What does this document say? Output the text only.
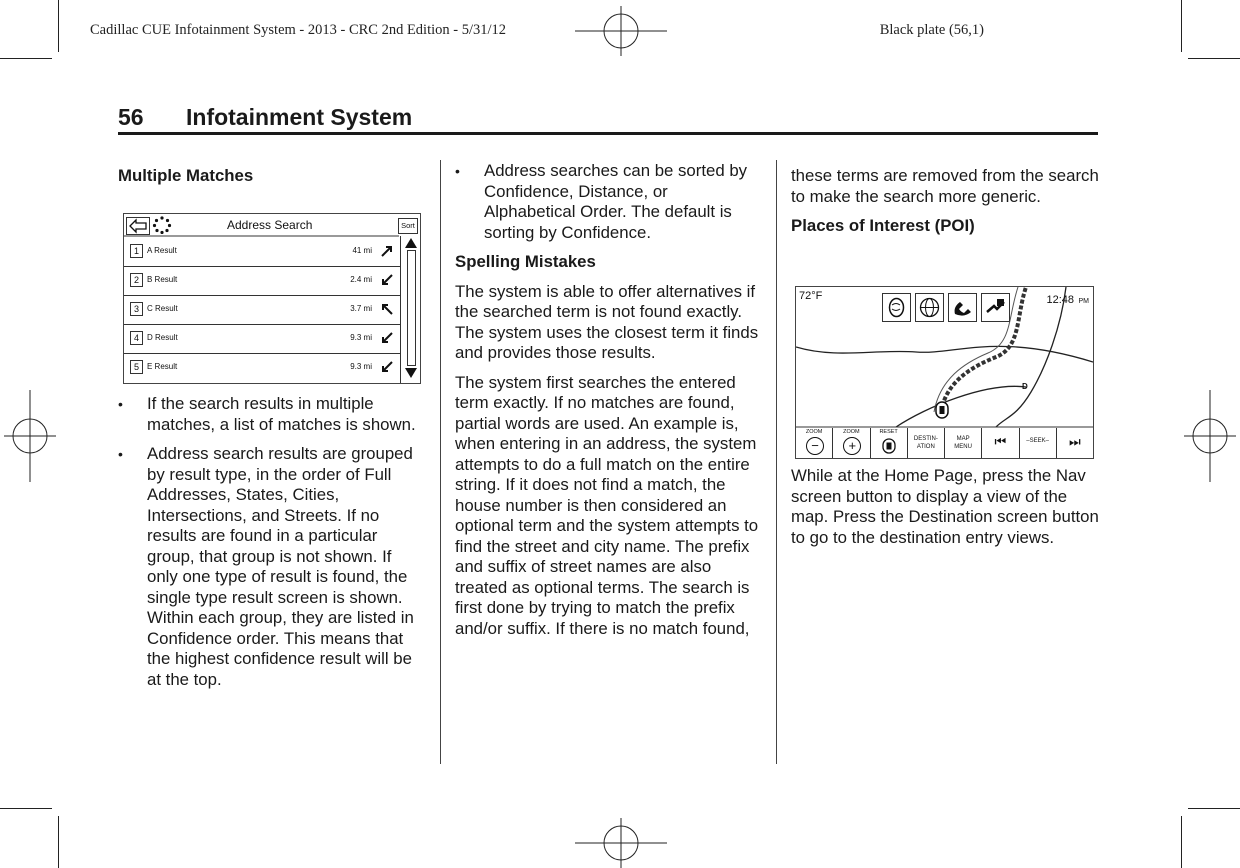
Cadillac CUE Infotainment System - 2013 - CRC 2nd Edition - 5/31/12	Black plate (56,1)
56 Infotainment System
Multiple Matches
Address Search	Sort
1	A Result	41 mi
2	B Result	2.4 mi
3	C Result	3.7 mi
4	D Result	9.3 mi
5	E Result	9.3 mi
• If the search results in multiple matches, a list of matches is shown.
• Address search results are grouped by result type, in the order of Full Addresses, States, Cities, Intersections, and Streets. If no results are found in a particular group, that group is not shown. If only one type of result is found, the single type result screen is shown. Within each group, they are listed in Confidence order. This means that the highest confidence result will be at the top.
• Address searches can be sorted by Confidence, Distance, or Alphabetical Order. The default is sorting by Confidence.
Spelling Mistakes

The system is able to offer alternatives if the searched term is not found exactly. The system uses the closest term it finds and provides those results.

The system first searches the entered term exactly. If no matches are found, partial words are used. An example is, when entering in an address, the system attempts to do a full match on the entire string. If it does not find a match, the house number is then considered an optional term and the system attempts to find the street and city name. The prefix and suffix of street names are also treated as optional terms. The search is first done by trying to match the prefix and/or suffix. If there is no match found,

these terms are removed from the search to make the search more generic.

Places of Interest (POI)
72°F	12:48 PM
D
ZOOM
−
ZOOM
+
RESET
DESTIN-
ATION
MAP
MENU	⏮	–SEEK–	⏭

While at the Home Page, press the Nav screen button to display a view of the map. Press the Destination screen button to go to the destination entry views.
